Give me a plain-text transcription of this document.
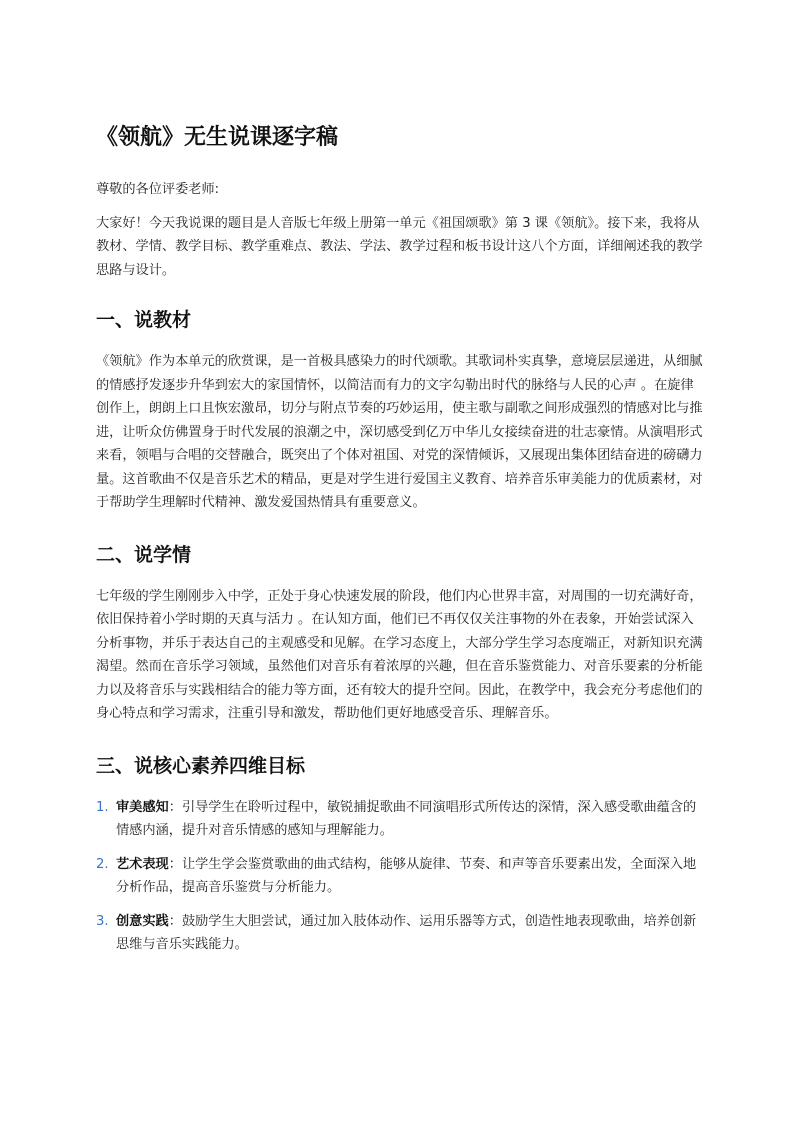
《领航》无生说课逐字稿

尊敬的各位评委老师:

大家好！今天我说课的题目是人音版七年级上册第一单元《祖国颂歌》第 3 课《领航》。接下来，我将从教材、学情、教学目标、教学重难点、教法、学法、教学过程和板书设计这八个方面，详细阐述我的教学思路与设计。

一、说教材

《领航》作为本单元的欣赏课，是一首极具感染力的时代颂歌。其歌词朴实真挚，意境层层递进，从细腻的情感抒发逐步升华到宏大的家国情怀，以简洁而有力的文字勾勒出时代的脉络与人民的心声 。在旋律创作上，朗朗上口且恢宏激昂，切分与附点节奏的巧妙运用，使主歌与副歌之间形成强烈的情感对比与推进，让听众仿佛置身于时代发展的浪潮之中，深切感受到亿万中华儿女接续奋进的壮志豪情。从演唱形式来看，领唱与合唱的交替融合，既突出了个体对祖国、对党的深情倾诉，又展现出集体团结奋进的磅礴力量。这首歌曲不仅是音乐艺术的精品，更是对学生进行爱国主义教育、培养音乐审美能力的优质素材，对于帮助学生理解时代精神、激发爱国热情具有重要意义。

二、说学情

七年级的学生刚刚步入中学，正处于身心快速发展的阶段，他们内心世界丰富，对周围的一切充满好奇，依旧保持着小学时期的天真与活力 。在认知方面，他们已不再仅仅关注事物的外在表象，开始尝试深入分析事物，并乐于表达自己的主观感受和见解。在学习态度上，大部分学生学习态度端正，对新知识充满渴望。然而在音乐学习领域，虽然他们对音乐有着浓厚的兴趣，但在音乐鉴赏能力、对音乐要素的分析能力以及将音乐与实践相结合的能力等方面，还有较大的提升空间。因此，在教学中，我会充分考虑他们的身心特点和学习需求，注重引导和激发，帮助他们更好地感受音乐、理解音乐。

三、说核心素养四维目标
1. 审美感知：引导学生在聆听过程中，敏锐捕捉歌曲不同演唱形式所传达的深情，深入感受歌曲蕴含的情感内涵，提升对音乐情感的感知与理解能力。
2. 艺术表现：让学生学会鉴赏歌曲的曲式结构，能够从旋律、节奏、和声等音乐要素出发，全面深入地分析作品，提高音乐鉴赏与分析能力。
3. 创意实践：鼓励学生大胆尝试，通过加入肢体动作、运用乐器等方式，创造性地表现歌曲，培养创新思维与音乐实践能力。
